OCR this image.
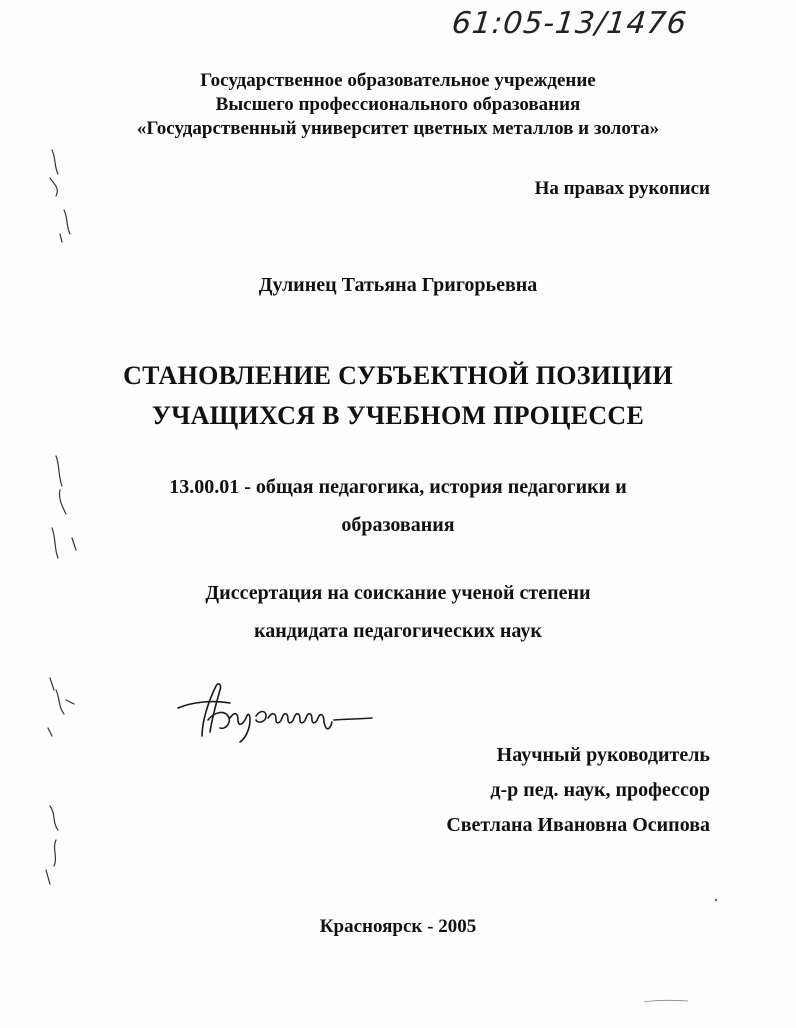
61:05-13/1476
Государственное образовательное учреждение
Высшего профессионального образования
«Государственный университет цветных металлов и золота»
На правах рукописи
Дулинец Татьяна Григорьевна
СТАНОВЛЕНИЕ СУБЪЕКТНОЙ ПОЗИЦИИ
УЧАЩИХСЯ В УЧЕБНОМ ПРОЦЕССЕ
13.00.01 - общая педагогика, история педагогики и
образования
Диссертация на соискание ученой степени
кандидата педагогических наук
Научный руководитель
д-р пед. наук, профессор
Светлана Ивановна Осипова
Красноярск - 2005
